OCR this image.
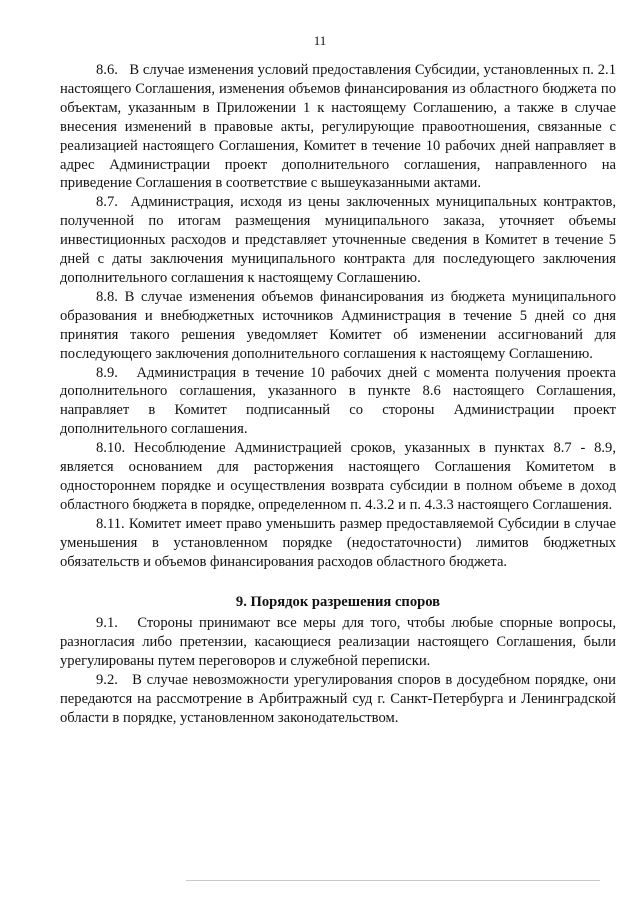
11

8.6.   В случае изменения условий предоставления Субсидии, установленных п. 2.1 настоящего Соглашения, изменения объемов финансирования из областного бюджета по объектам, указанным в Приложении 1 к настоящему Соглашению, а также в случае внесения изменений в правовые акты, регулирующие правоотношения, связанные с реализацией настоящего Соглашения, Комитет в течение 10 рабочих дней направляет в адрес Администрации проект дополнительного соглашения, направленного на приведение Соглашения в соответствие с вышеуказанными актами.

8.7.  Администрация, исходя из цены заключенных муниципальных контрактов, полученной по итогам размещения муниципального заказа, уточняет объемы инвестиционных расходов и представляет уточненные сведения в Комитет в течение 5 дней с даты заключения муниципального контракта для последующего заключения дополнительного соглашения к настоящему Соглашению.

8.8. В случае изменения объемов финансирования из бюджета муниципального образования и внебюджетных источников Администрация в течение 5 дней со дня принятия такого решения уведомляет Комитет об изменении ассигнований для последующего заключения дополнительного соглашения к настоящему Соглашению.

8.9.   Администрация в течение 10 рабочих дней с момента получения проекта дополнительного соглашения, указанного в пункте 8.6 настоящего Соглашения, направляет в Комитет подписанный со стороны Администрации проект дополнительного соглашения.

8.10. Несоблюдение Администрацией сроков, указанных в пунктах 8.7 - 8.9, является основанием для расторжения настоящего Соглашения Комитетом в одностороннем порядке и осуществления возврата субсидии в полном объеме в доход областного бюджета в порядке, определенном п. 4.3.2 и п. 4.3.3 настоящего Соглашения.

8.11. Комитет имеет право уменьшить размер предоставляемой Субсидии в случае уменьшения в установленном порядке (недостаточности) лимитов бюджетных обязательств и объемов финансирования расходов областного бюджета.

9. Порядок разрешения споров

9.1.   Стороны принимают все меры для того, чтобы любые спорные вопросы, разногласия либо претензии, касающиеся реализации настоящего Соглашения, были урегулированы путем переговоров и служебной переписки.

9.2.   В случае невозможности урегулирования споров в досудебном порядке, они передаются на рассмотрение в Арбитражный суд г. Санкт-Петербурга и Ленинградской области в порядке, установленном законодательством.
